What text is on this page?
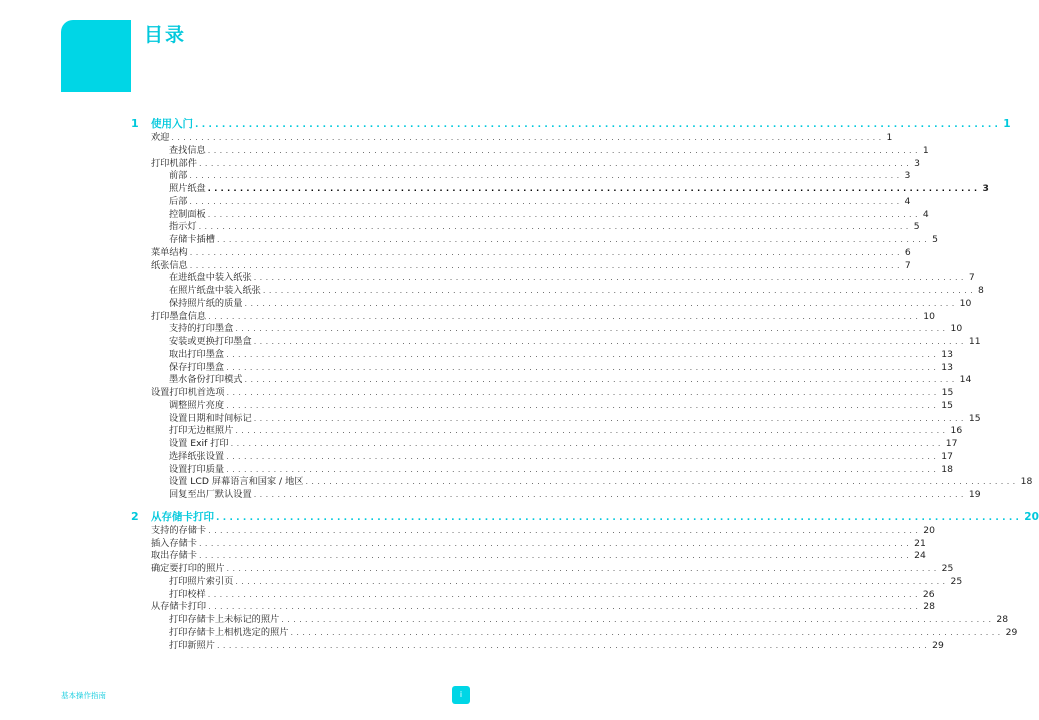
目录
1	使用入门 ........................................................................................................................ 1
欢迎 ........................................................................................................................ 1
查找信息 ........................................................................................................................ 1
打印机部件 ........................................................................................................................ 3
前部 ........................................................................................................................ 3
照片纸盘 ........................................................................................................................ 3
后部 ........................................................................................................................ 4
控制面板 ........................................................................................................................ 4
指示灯 ........................................................................................................................ 5
存储卡插槽 ........................................................................................................................ 5
菜单结构 ........................................................................................................................ 6
纸张信息 ........................................................................................................................ 7
在进纸盘中装入纸张 ........................................................................................................................ 7
在照片纸盘中装入纸张 ........................................................................................................................ 8
保持照片纸的质量 ........................................................................................................................ 10
打印墨盒信息 ........................................................................................................................ 10
支持的打印墨盒 ........................................................................................................................ 10
安装或更换打印墨盒 ........................................................................................................................ 11
取出打印墨盒 ........................................................................................................................ 13
保存打印墨盒 ........................................................................................................................ 13
墨水备份打印模式 ........................................................................................................................ 14
设置打印机首选项 ........................................................................................................................ 15
调整照片亮度 ........................................................................................................................ 15
设置日期和时间标记 ........................................................................................................................ 15
打印无边框照片 ........................................................................................................................ 16
设置 Exif 打印 ........................................................................................................................ 17
选择纸张设置 ........................................................................................................................ 17
设置打印质量 ........................................................................................................................ 18
设置 LCD 屏幕语言和国家 / 地区 ........................................................................................................................ 18
回复至出厂默认设置 ........................................................................................................................ 19
2	从存储卡打印 ........................................................................................................................ 20
支持的存储卡 ........................................................................................................................ 20
插入存储卡 ........................................................................................................................ 21
取出存储卡 ........................................................................................................................ 24
确定要打印的照片 ........................................................................................................................ 25
打印照片索引页 ........................................................................................................................ 25
打印校样 ........................................................................................................................ 26
从存储卡打印 ........................................................................................................................ 28
打印存储卡上未标记的照片 ........................................................................................................................ 28
打印存储卡上相机选定的照片 ........................................................................................................................ 29
打印新照片 ........................................................................................................................ 29
基本操作指南	i
